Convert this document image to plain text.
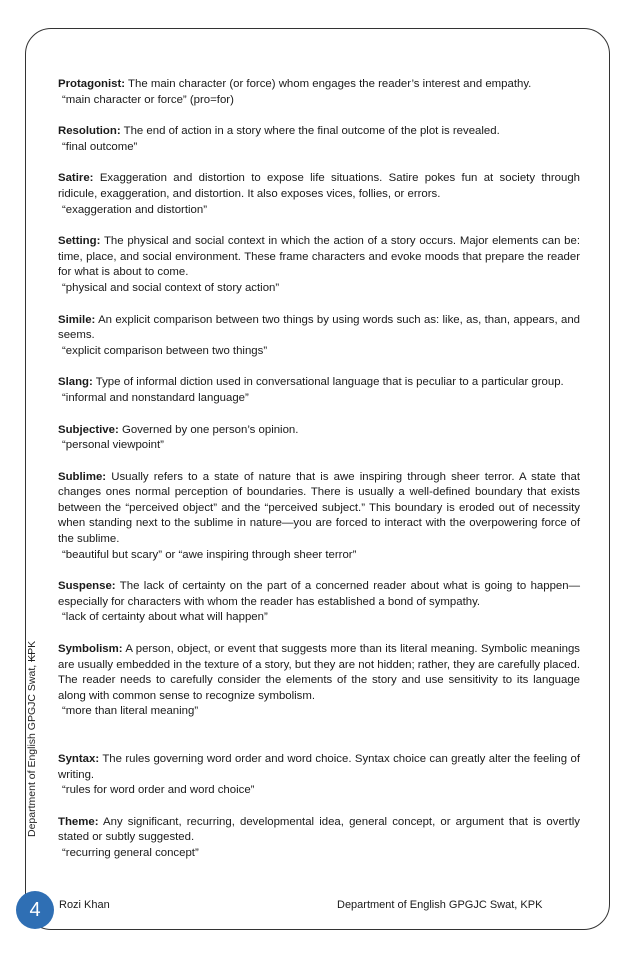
Department of English GPGJC Swat, KPK
Protagonist: The main character (or force) whom engages the reader’s interest and empathy.
“main character or force” (pro=for)
Resolution: The end of action in a story where the final outcome of the plot is revealed.
“final outcome”
Satire: Exaggeration and distortion to expose life situations. Satire pokes fun at society through ridicule, exaggeration, and distortion. It also exposes vices, follies, or errors.
“exaggeration and distortion”
Setting: The physical and social context in which the action of a story occurs. Major elements can be: time, place, and social environment. These frame characters and evoke moods that prepare the reader for what is about to come.
“physical and social context of story action”
Simile: An explicit comparison between two things by using words such as: like, as, than, appears, and seems.
“explicit comparison between two things”
Slang: Type of informal diction used in conversational language that is peculiar to a particular group.
“informal and nonstandard language”
Subjective: Governed by one person’s opinion.
“personal viewpoint”
Sublime: Usually refers to a state of nature that is awe inspiring through sheer terror. A state that changes ones normal perception of boundaries. There is usually a well-defined boundary that exists between the “perceived object” and the “perceived subject.” This boundary is eroded out of necessity when standing next to the sublime in nature—you are forced to interact with the overpowering force of the sublime.
“beautiful but scary” or “awe inspiring through sheer terror”
Suspense: The lack of certainty on the part of a concerned reader about what is going to happen—especially for characters with whom the reader has established a bond of sympathy.
“lack of certainty about what will happen”
Symbolism: A person, object, or event that suggests more than its literal meaning. Symbolic meanings are usually embedded in the texture of a story, but they are not hidden; rather, they are carefully placed. The reader needs to carefully consider the elements of the story and use sensitivity to its language along with common sense to recognize symbolism.
“more than literal meaning”
Syntax: The rules governing word order and word choice. Syntax choice can greatly alter the feeling of writing.
“rules for word order and word choice”
Theme: Any significant, recurring, developmental idea, general concept, or argument that is overtly stated or subtly suggested.
“recurring general concept”
4	Rozi Khan	Department of English GPGJC Swat, KPK
